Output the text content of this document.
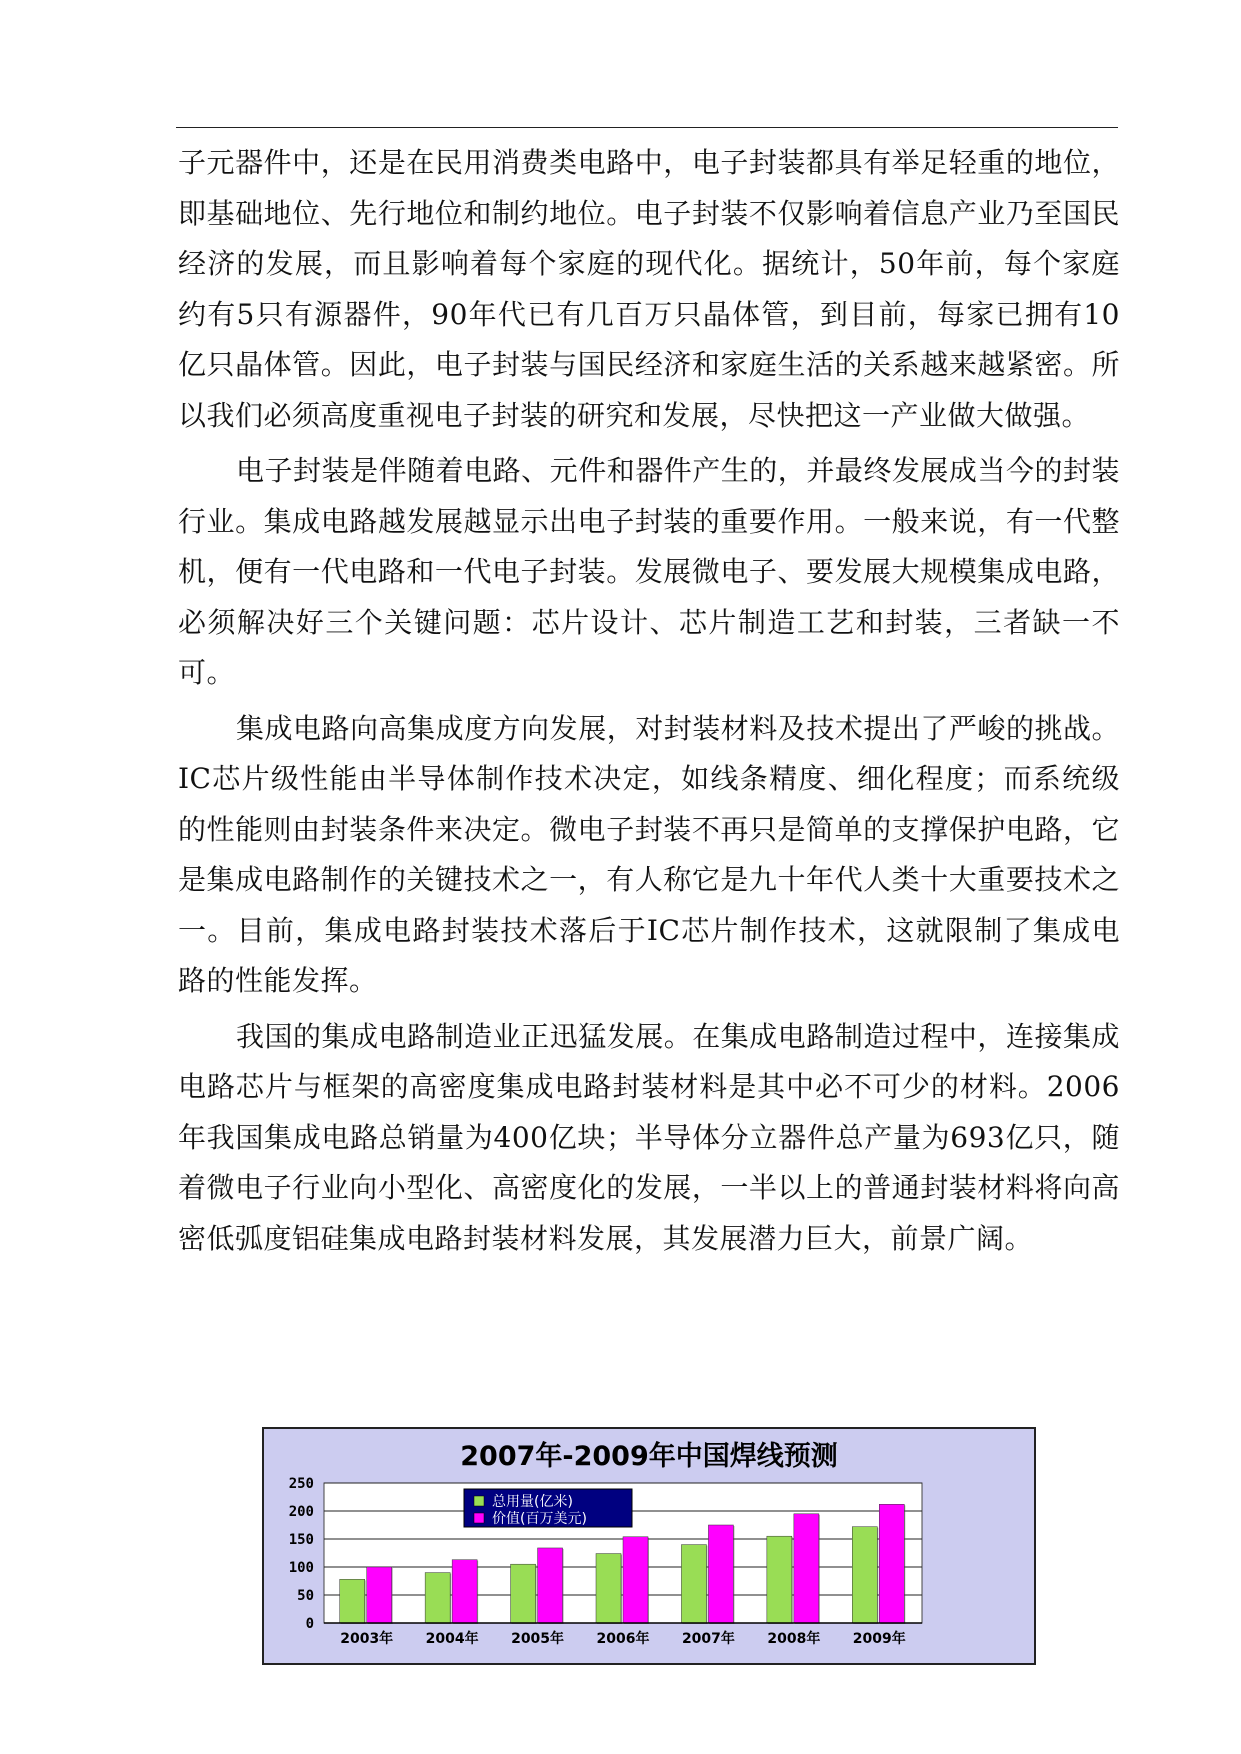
子元器件中，还是在民用消费类电路中，电子封装都具有举足轻重的地位，即基础地位、先行地位和制约地位。电子封装不仅影响着信息产业乃至国民经济的发展，而且影响着每个家庭的现代化。据统计，50年前，每个家庭约有5只有源器件，90年代已有几百万只晶体管，到目前，每家已拥有10亿只晶体管。因此，电子封装与国民经济和家庭生活的关系越来越紧密。所以我们必须高度重视电子封装的研究和发展，尽快把这一产业做大做强。

电子封装是伴随着电路、元件和器件产生的，并最终发展成当今的封装行业。集成电路越发展越显示出电子封装的重要作用。一般来说，有一代整机，便有一代电路和一代电子封装。发展微电子、要发展大规模集成电路，必须解决好三个关键问题：芯片设计、芯片制造工艺和封装，三者缺一不可。

集成电路向高集成度方向发展，对封装材料及技术提出了严峻的挑战。IC芯片级性能由半导体制作技术决定，如线条精度、细化程度；而系统级的性能则由封装条件来决定。微电子封装不再只是简单的支撑保护电路，它是集成电路制作的关键技术之一，有人称它是九十年代人类十大重要技术之一。目前，集成电路封装技术落后于IC芯片制作技术，这就限制了集成电路的性能发挥。

我国的集成电路制造业正迅猛发展。在集成电路制造过程中，连接集成电路芯片与框架的高密度集成电路封装材料是其中必不可少的材料。2006年我国集成电路总销量为400亿块；半导体分立器件总产量为693亿只，随着微电子行业向小型化、高密度化的发展，一半以上的普通封装材料将向高密低弧度铝硅集成电路封装材料发展，其发展潜力巨大，前景广阔。

2007年-2009年中国焊线预测
0
50
100
150
200
250
2003年 2004年 2005年 2006年 2007年 2008年 2009年
总用量(亿米)
价值(百万美元)
